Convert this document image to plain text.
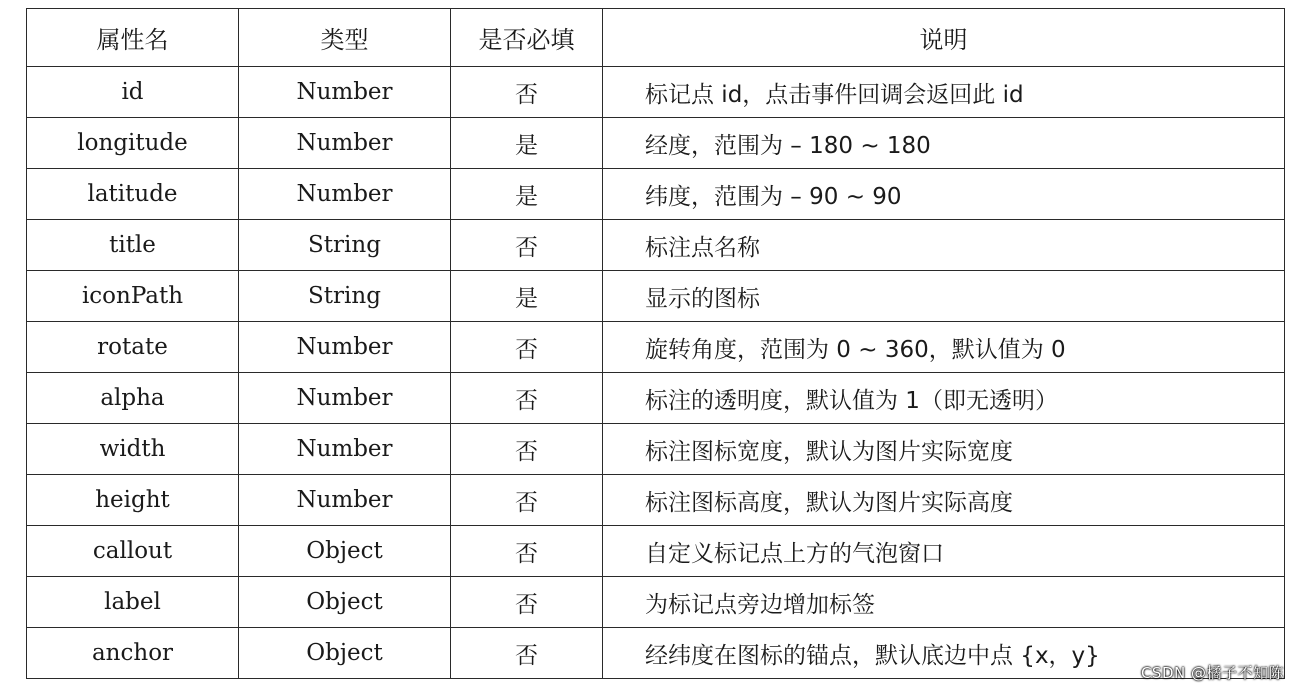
属性名	类型	是否必填	说明
id	Number	否	标记点 id，点击事件回调会返回此 id
longitude	Number	是	经度，范围为 – 180 ~ 180
latitude	Number	是	纬度，范围为 – 90 ~ 90
title	String	否	标注点名称
iconPath	String	是	显示的图标
rotate	Number	否	旋转角度，范围为 0 ~ 360，默认值为 0
alpha	Number	否	标注的透明度，默认值为 1（即无透明）
width	Number	否	标注图标宽度，默认为图片实际宽度
height	Number	否	标注图标高度，默认为图片实际高度
callout	Object	否	自定义标记点上方的气泡窗口
label	Object	否	为标记点旁边增加标签
anchor	Object	否	经纬度在图标的锚点，默认底边中点 {x，y}
CSDN @橘子不知陈
